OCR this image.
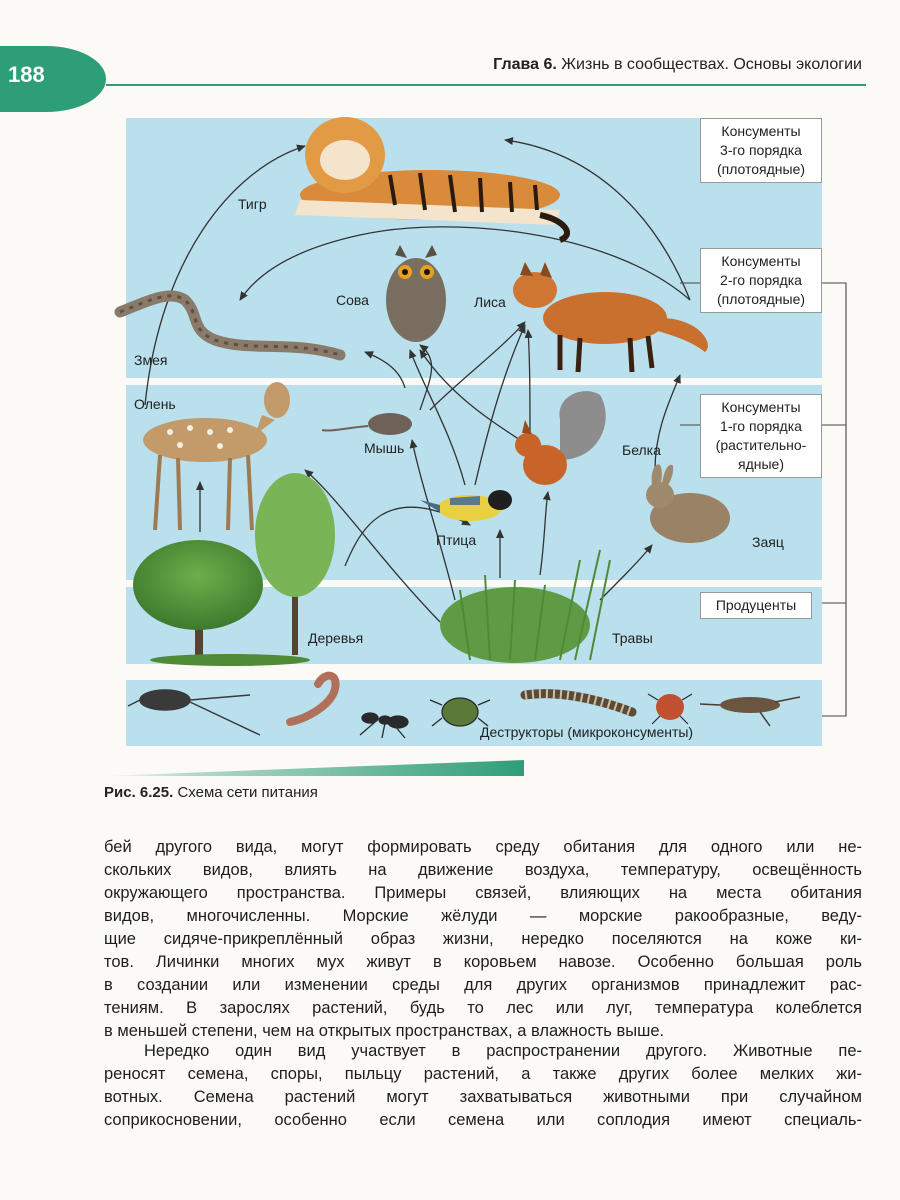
188	Глава 6. Жизнь в сообществах. Основы экологии
Тигр
Сова	Лиса
Змея
Олень
Мышь	Белка
Птица	Заяц
Деревья	Травы
Консументы
3-го порядка
(плотоядные)
Консументы
2-го порядка
(плотоядные)
Консументы
1-го порядка
(растительно-
ядные)
Продуценты
Деструкторы (микроконсументы)
Рис. 6.25. Схема сети питания
бей другого вида, могут формировать среду обитания для одного или не-
скольких видов, влиять на движение воздуха, температуру, освещённость
окружающего пространства. Примеры связей, влияющих на места обитания
видов, многочисленны. Морские жёлуди — морские ракообразные, веду-
щие сидяче-прикреплённый образ жизни, нередко поселяются на коже ки-
тов. Личинки многих мух живут в коровьем навозе. Особенно большая роль
в создании или изменении среды для других организмов принадлежит рас-
тениям. В зарослях растений, будь то лес или луг, температура колеблется
в меньшей степени, чем на открытых пространствах, а влажность выше.
Нередко один вид участвует в распространении другого. Животные пе-
реносят семена, споры, пыльцу растений, а также других более мелких жи-
вотных. Семена растений могут захватываться животными при случайном
соприкосновении, особенно если семена или соплодия имеют специаль-
